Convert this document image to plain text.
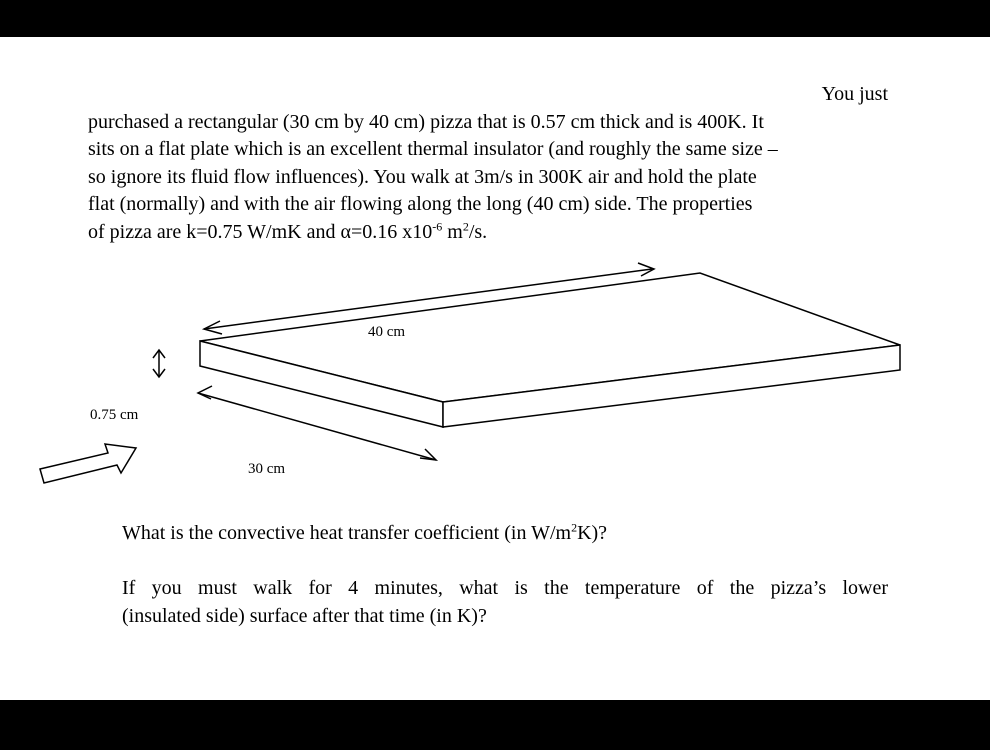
You just
purchased a rectangular (30 cm by 40 cm) pizza that is 0.57 cm thick and is 400K. It
sits on a flat plate which is an excellent thermal insulator (and roughly the same size –
so ignore its fluid flow influences). You walk at 3m/s in 300K air and hold the plate
flat (normally) and with the air flowing along the long (40 cm) side. The properties
of pizza are k=0.75 W/mK and α=0.16 $x10^{-6}$ $m^2/s$.
40 cm
30 cm
0.75 cm
What is the convective heat transfer coefficient (in $W/m^2K$)?
If you must walk for 4 minutes, what is the temperature of the pizza’s lower
(insulated side) surface after that time (in K)?
